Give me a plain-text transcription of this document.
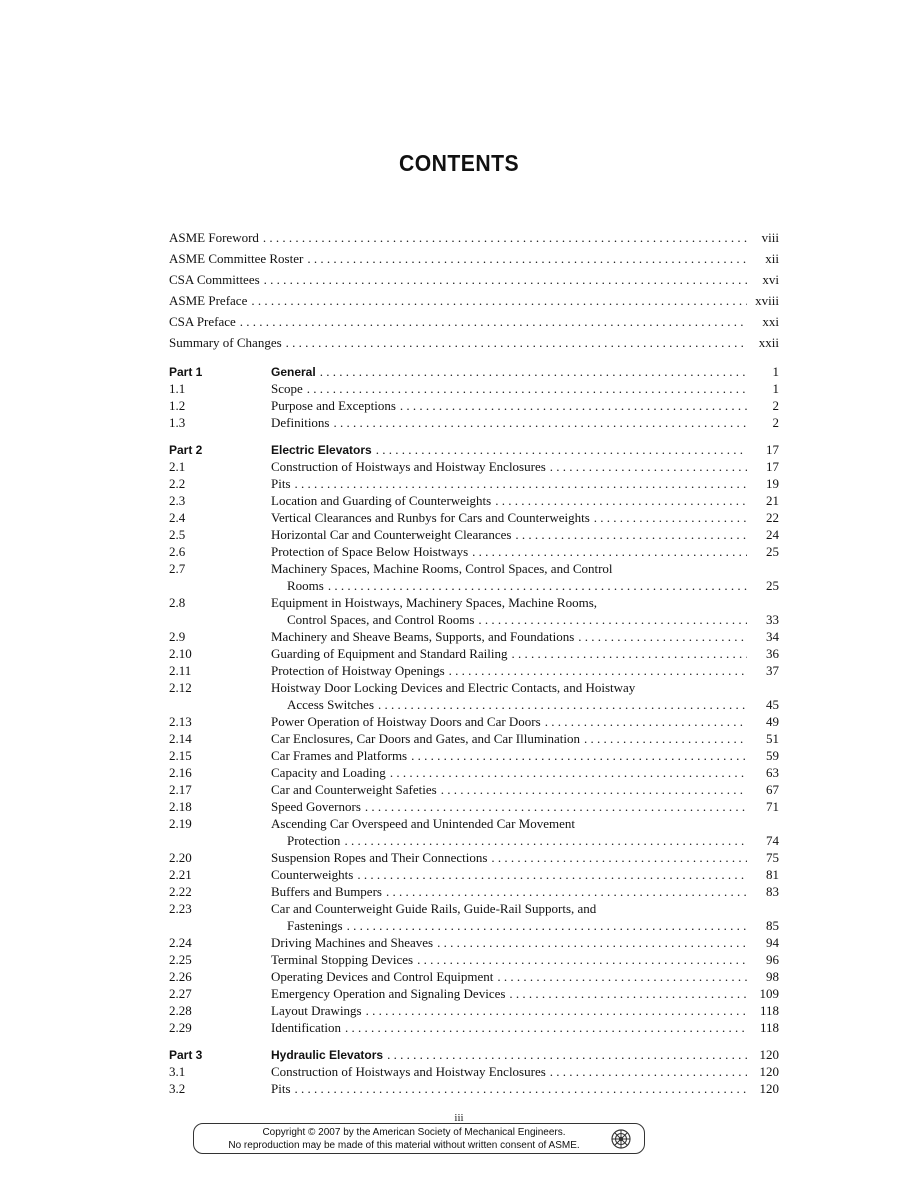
CONTENTS
ASME Foreword . . .	viii
ASME Committee Roster . . .	xii
CSA Committees . . .	xvi
ASME Preface . . .	xviii
CSA Preface . . .	xxi
Summary of Changes . . .	xxii
Part 1	General . . .	1
1.1	Scope . . .	1
1.2	Purpose and Exceptions . . .	2
1.3	Definitions . . .	2
Part 2	Electric Elevators . . .	17
2.1	Construction of Hoistways and Hoistway Enclosures . . .	17
2.2	Pits . . .	19
2.3	Location and Guarding of Counterweights . . .	21
2.4	Vertical Clearances and Runbys for Cars and Counterweights . . .	22
2.5	Horizontal Car and Counterweight Clearances . . .	24
2.6	Protection of Space Below Hoistways . . .	25
2.7	Machinery Spaces, Machine Rooms, Control Spaces, and Control
Rooms . . .	25
2.8	Equipment in Hoistways, Machinery Spaces, Machine Rooms,
Control Spaces, and Control Rooms . . .	33
2.9	Machinery and Sheave Beams, Supports, and Foundations . . .	34
2.10	Guarding of Equipment and Standard Railing . . .	36
2.11	Protection of Hoistway Openings . . .	37
2.12	Hoistway Door Locking Devices and Electric Contacts, and Hoistway
Access Switches . . .	45
2.13	Power Operation of Hoistway Doors and Car Doors . . .	49
2.14	Car Enclosures, Car Doors and Gates, and Car Illumination . . .	51
2.15	Car Frames and Platforms . . .	59
2.16	Capacity and Loading . . .	63
2.17	Car and Counterweight Safeties . . .	67
2.18	Speed Governors . . .	71
2.19	Ascending Car Overspeed and Unintended Car Movement
Protection . . .	74
2.20	Suspension Ropes and Their Connections . . .	75
2.21	Counterweights . . .	81
2.22	Buffers and Bumpers . . .	83
2.23	Car and Counterweight Guide Rails, Guide-Rail Supports, and
Fastenings . . .	85
2.24	Driving Machines and Sheaves . . .	94
2.25	Terminal Stopping Devices . . .	96
2.26	Operating Devices and Control Equipment . . .	98
2.27	Emergency Operation and Signaling Devices . . .	109
2.28	Layout Drawings . . .	118
2.29	Identification . . .	118
Part 3	Hydraulic Elevators . . .	120
3.1	Construction of Hoistways and Hoistway Enclosures . . .	120
3.2	Pits . . .	120
iii
Copyright © 2007 by the American Society of Mechanical Engineers.
No reproduction may be made of this material without written consent of ASME.
